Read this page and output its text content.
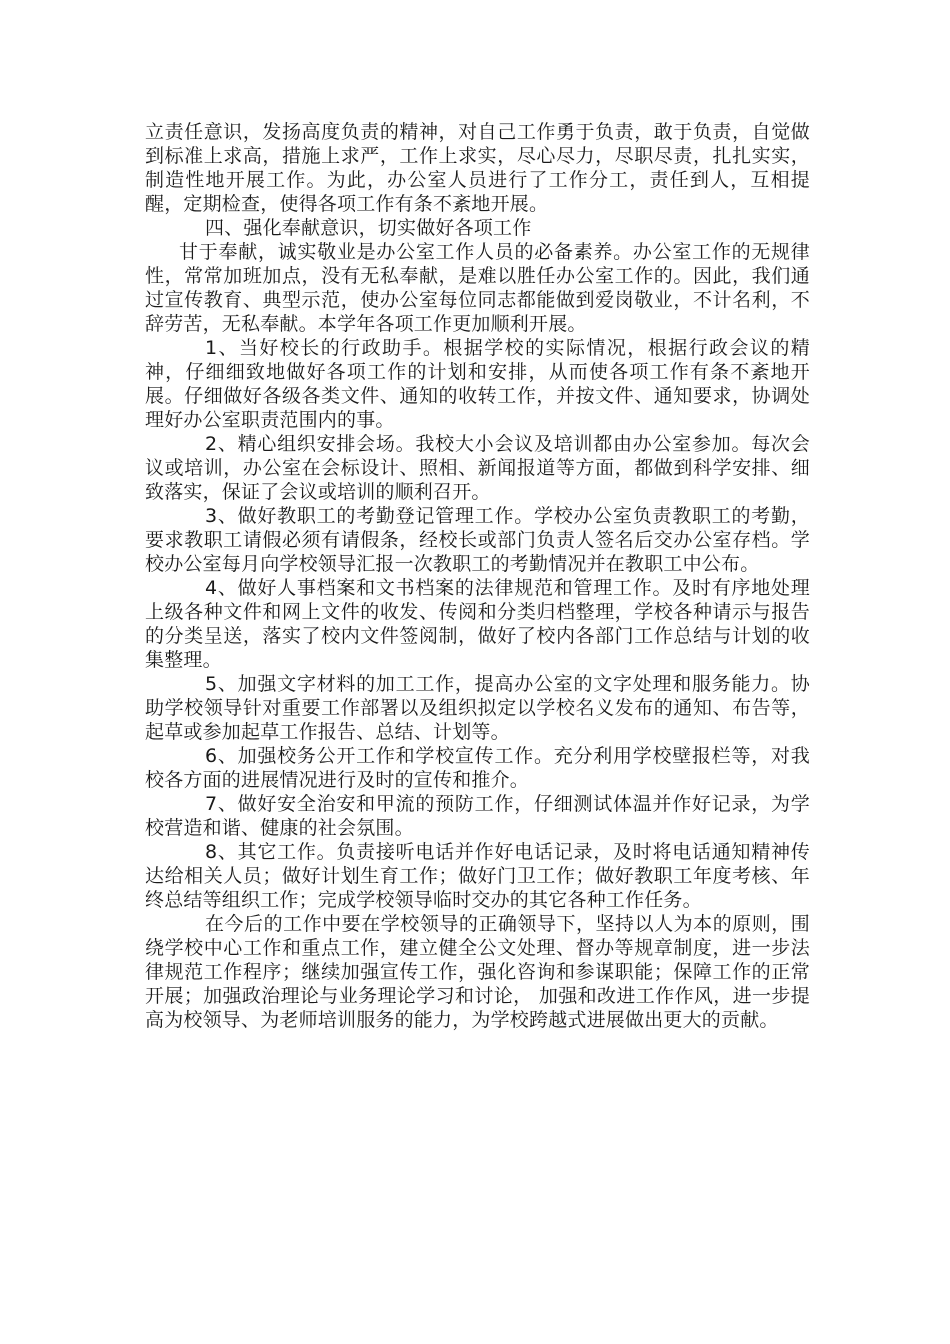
立责任意识，发扬高度负责的精神，对自己工作勇于负责，敢于负责，自觉做到标准上求高，措施上求严，工作上求实，尽心尽力，尽职尽责，扎扎实实，制造性地开展工作。为此，办公室人员进行了工作分工，责任到人，互相提醒，定期检查，使得各项工作有条不紊地开展。

四、强化奉献意识，切实做好各项工作

甘于奉献，诚实敬业是办公室工作人员的必备素养。办公室工作的无规律性，常常加班加点，没有无私奉献，是难以胜任办公室工作的。因此，我们通过宣传教育、典型示范，使办公室每位同志都能做到爱岗敬业，不计名利，不辞劳苦，无私奉献。本学年各项工作更加顺利开展。

1、当好校长的行政助手。根据学校的实际情况，根据行政会议的精神，仔细细致地做好各项工作的计划和安排，从而使各项工作有条不紊地开展。仔细做好各级各类文件、通知的收转工作，并按文件、通知要求，协调处理好办公室职责范围内的事。

2、精心组织安排会场。我校大小会议及培训都由办公室参加。每次会议或培训，办公室在会标设计、照相、新闻报道等方面，都做到科学安排、细致落实，保证了会议或培训的顺利召开。

3、做好教职工的考勤登记管理工作。学校办公室负责教职工的考勤，要求教职工请假必须有请假条，经校长或部门负责人签名后交办公室存档。学校办公室每月向学校领导汇报一次教职工的考勤情况并在教职工中公布。

4、做好人事档案和文书档案的法律规范和管理工作。及时有序地处理上级各种文件和网上文件的收发、传阅和分类归档整理，学校各种请示与报告的分类呈送，落实了校内文件签阅制，做好了校内各部门工作总结与计划的收集整理。

5、加强文字材料的加工工作，提高办公室的文字处理和服务能力。协助学校领导针对重要工作部署以及组织拟定以学校名义发布的通知、布告等，起草或参加起草工作报告、总结、计划等。

6、加强校务公开工作和学校宣传工作。充分利用学校壁报栏等，对我校各方面的进展情况进行及时的宣传和推介。

7、做好安全治安和甲流的预防工作，仔细测试体温并作好记录，为学校营造和谐、健康的社会氛围。

8、其它工作。负责接听电话并作好电话记录，及时将电话通知精神传达给相关人员；做好计划生育工作；做好门卫工作；做好教职工年度考核、年终总结等组织工作；完成学校领导临时交办的其它各种工作任务。

在今后的工作中要在学校领导的正确领导下，坚持以人为本的原则，围绕学校中心工作和重点工作，建立健全公文处理、督办等规章制度，进一步法律规范工作程序；继续加强宣传工作，强化咨询和参谋职能；保障工作的正常开展；加强政治理论与业务理论学习和讨论， 加强和改进工作作风，进一步提高为校领导、为老师培训服务的能力，为学校跨越式进展做出更大的贡献。
